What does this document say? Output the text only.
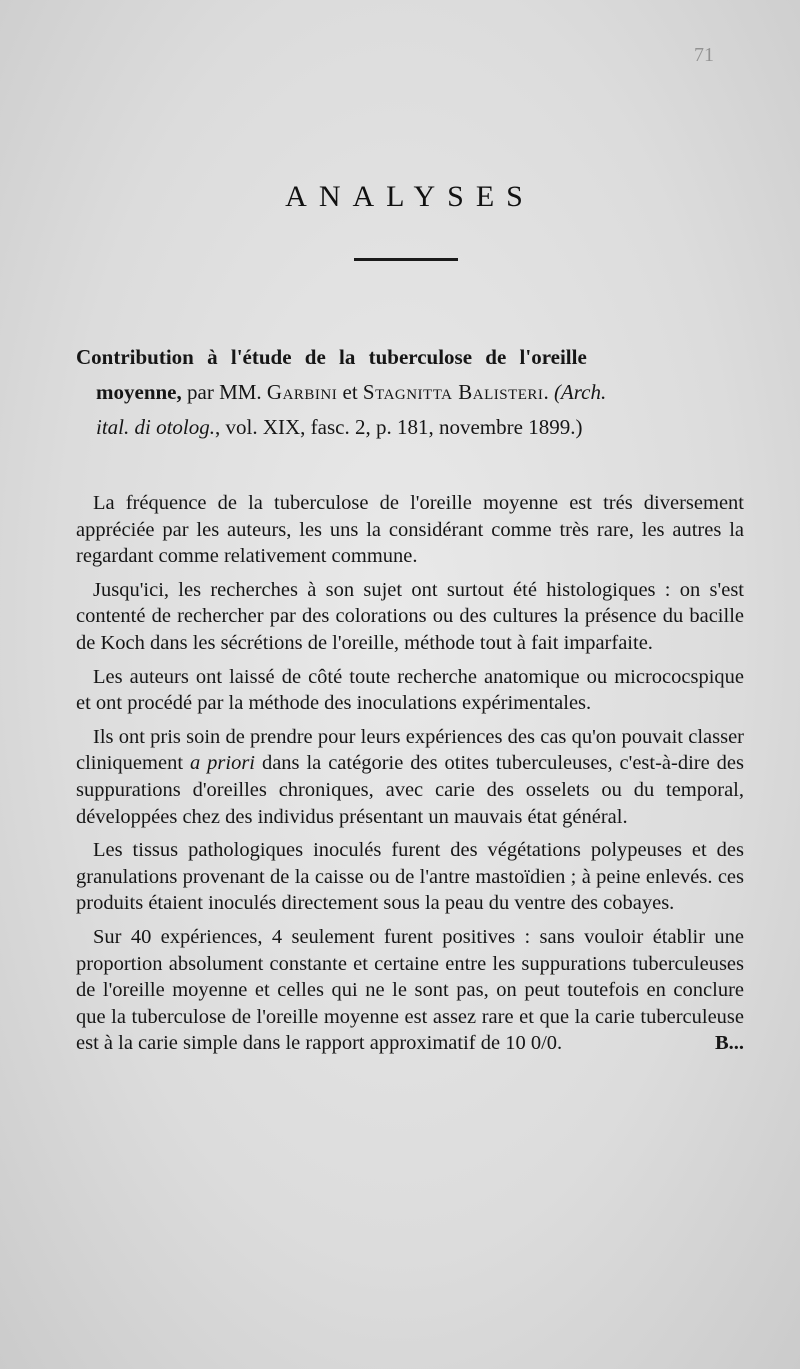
71
ANALYSES
Contribution à l'étude de la tuberculose de l'oreille
moyenne, par MM. Garbini et Stagnitta Balisteri. (Arch.
ital. di otolog., vol. XIX, fasc. 2, p. 181, novembre 1899.)

La fréquence de la tuberculose de l'oreille moyenne est trés diversement appréciée par les auteurs, les uns la considérant comme très rare, les autres la regardant comme relativement commune.

Jusqu'ici, les recherches à son sujet ont surtout été histologiques : on s'est contenté de rechercher par des colorations ou des cultures la présence du bacille de Koch dans les sécrétions de l'oreille, méthode tout à fait imparfaite.

Les auteurs ont laissé de côté toute recherche anatomique ou micrococspique et ont procédé par la méthode des inoculations expérimentales.

Ils ont pris soin de prendre pour leurs expériences des cas qu'on pouvait classer cliniquement a priori dans la catégorie des otites tuberculeuses, c'est-à-dire des suppurations d'oreilles chroniques, avec carie des osselets ou du temporal, développées chez des individus présentant un mauvais état général.

Les tissus pathologiques inoculés furent des végétations polypeuses et des granulations provenant de la caisse ou de l'antre mastoïdien ; à peine enlevés. ces produits étaient inoculés directement sous la peau du ventre des cobayes.

Sur 40 expériences, 4 seulement furent positives : sans vouloir établir une proportion absolument constante et certaine entre les suppurations tuberculeuses de l'oreille moyenne et celles qui ne le sont pas, on peut toutefois en conclure que la tuberculose de l'oreille moyenne est assez rare et que la carie tuberculeuse est à la carie simple dans le rapport approximatif de 10 0/0.	B...
